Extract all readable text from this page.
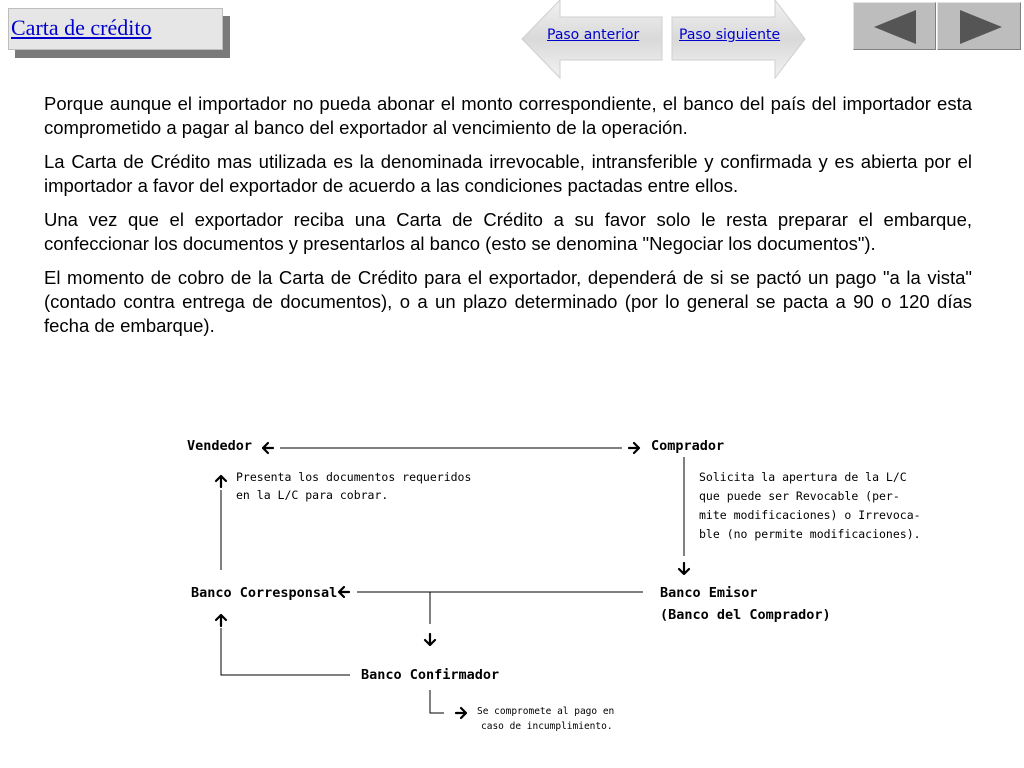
Carta de crédito	Paso anterior	Paso siguiente

Porque aunque el importador no pueda abonar el monto correspondiente, el banco del país del importador esta comprometido a pagar al banco del exportador al vencimiento de la operación.

La Carta de Crédito mas utilizada es la denominada irrevocable, intransferible y confirmada y es abierta por el importador a favor del exportador de acuerdo a las condiciones pactadas entre ellos.

Una vez que el exportador reciba una Carta de Crédito a su favor solo le resta preparar el embarque, confeccionar los documentos y presentarlos al banco (esto se denomina "Negociar los documentos").

El momento de cobro de la Carta de Crédito para el exportador, dependerá de si se pactó un pago "a la vista" (contado contra entrega de documentos), o a un plazo determinado (por lo general se pacta a 90 o 120 días fecha de embarque).

Vendedor	Comprador
Presenta los documentos requeridos
en la L/C para cobrar.
Solicita la apertura de la L/C
que puede ser Revocable (per-
mite modificaciones) o Irrevoca-
ble (no permite modificaciones).
Banco Corresponsal	Banco Emisor
(Banco del Comprador)
Banco Confirmador
Se compromete al pago en
caso de incumplimiento.
